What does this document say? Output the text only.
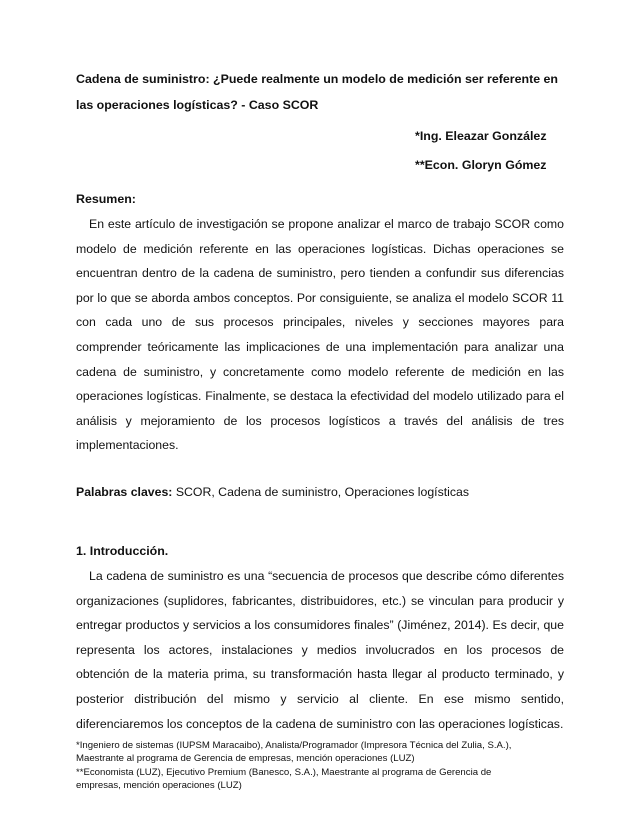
Cadena de suministro: ¿Puede realmente un modelo de medición ser referente en las operaciones logísticas? - Caso SCOR
*Ing. Eleazar González
**Econ. Gloryn Gómez
Resumen:

En este artículo de investigación se propone analizar el marco de trabajo SCOR como modelo de medición referente en las operaciones logísticas. Dichas operaciones se encuentran dentro de la cadena de suministro, pero tienden a confundir sus diferencias por lo que se aborda ambos conceptos. Por consiguiente, se analiza el modelo SCOR 11 con cada uno de sus procesos principales, niveles y secciones mayores para comprender teóricamente las implicaciones de una implementación para analizar una cadena de suministro, y concretamente como modelo referente de medición en las operaciones logísticas. Finalmente, se destaca la efectividad del modelo utilizado para el análisis y mejoramiento de los procesos logísticos a través del análisis de tres implementaciones.

Palabras claves: SCOR, Cadena de suministro, Operaciones logísticas
1. Introducción.

La cadena de suministro es una “secuencia de procesos que describe cómo diferentes organizaciones (suplidores, fabricantes, distribuidores, etc.) se vinculan para producir y entregar productos y servicios a los consumidores finales” (Jiménez, 2014). Es decir, que representa los actores, instalaciones y medios involucrados en los procesos de obtención de la materia prima, su transformación hasta llegar al producto terminado, y posterior distribución del mismo y servicio al cliente. En ese mismo sentido, diferenciaremos los conceptos de la cadena de suministro con las operaciones logísticas.

*Ingeniero de sistemas (IUPSM Maracaibo), Analista/Programador (Impresora Técnica del Zulia, S.A.),
Maestrante al programa de Gerencia de empresas, mención operaciones (LUZ)
**Economista (LUZ), Ejecutivo Premium (Banesco, S.A.), Maestrante al programa de Gerencia de
empresas, mención operaciones (LUZ)
